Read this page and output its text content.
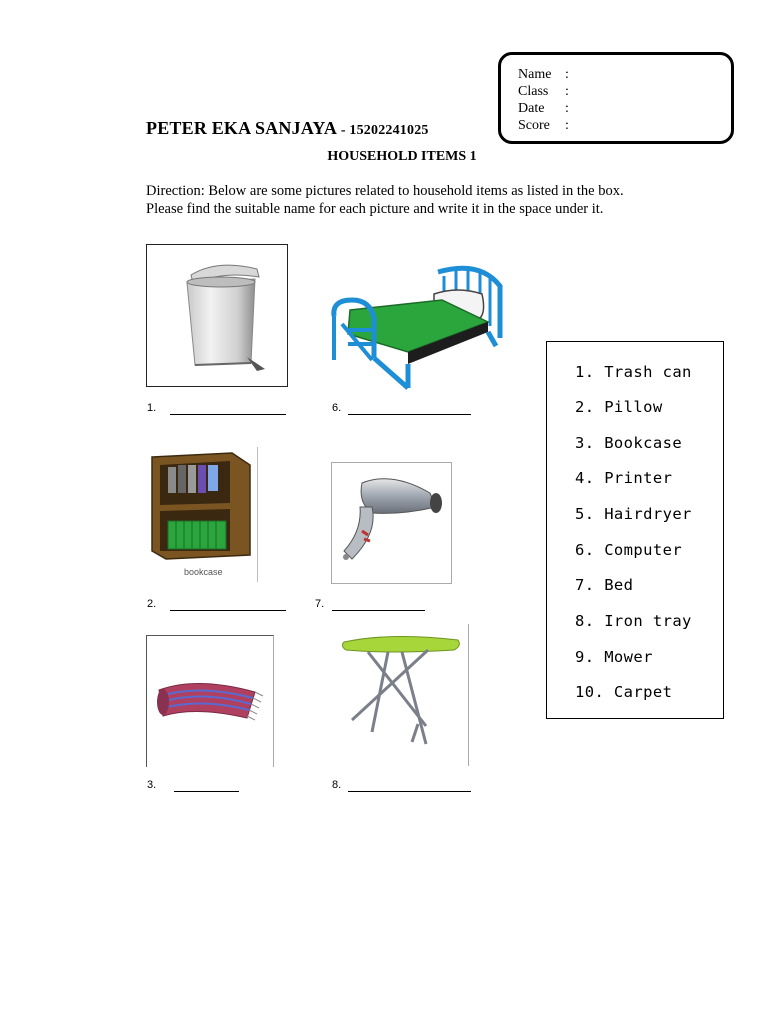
Name :
Class :
Date :
Score :
PETER EKA SANJAYA - 15202241025
HOUSEHOLD ITEMS 1
Direction: Below are some pictures related to household items as listed in the box.
Please find the suitable name for each picture and write it in the space under it.
1.	6.
bookcase
2.	7.
3.	8.
1. Trash can
2. Pillow
3. Bookcase
4. Printer
5. Hairdryer
6. Computer
7. Bed
8. Iron tray
9. Mower
10. Carpet
